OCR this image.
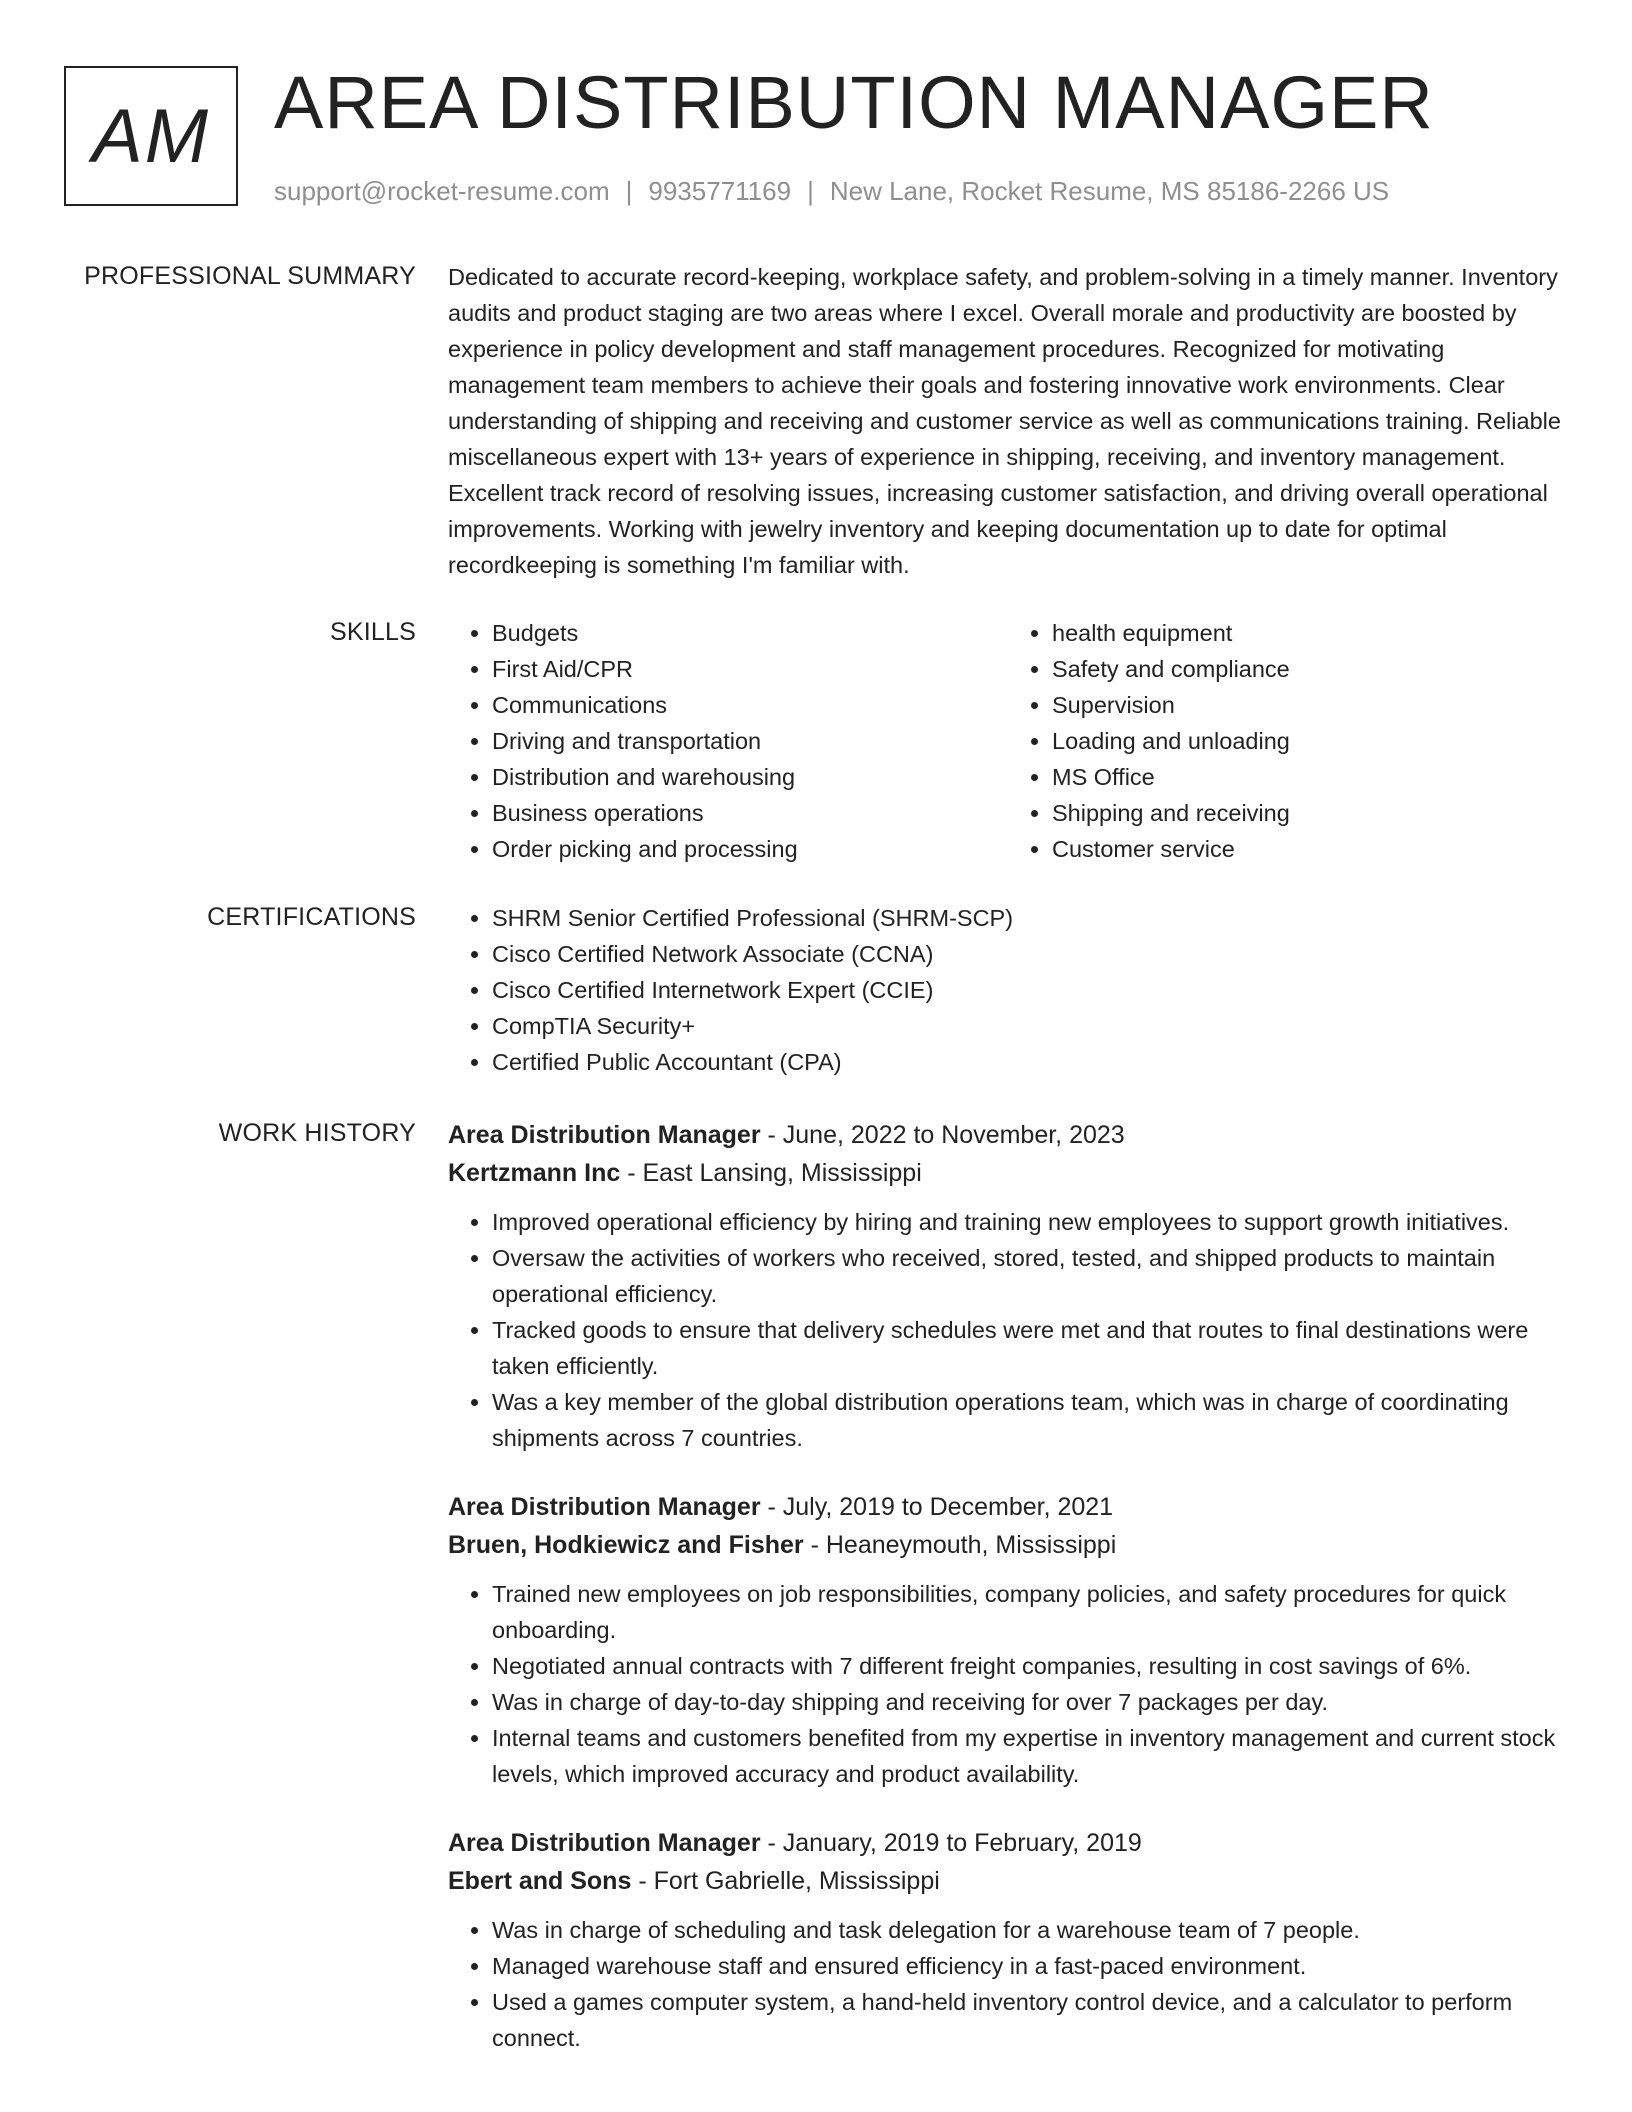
AM AREA DISTRIBUTION MANAGER
support@rocket-resume.com | 9935771169 | New Lane, Rocket Resume, MS 85186-2266 US
PROFESSIONAL SUMMARY Dedicated to accurate record-keeping, workplace safety, and problem-solving in a timely manner. Inventory audits and product staging are two areas where I excel. Overall morale and productivity are boosted by experience in policy development and staff management procedures. Recognized for motivating management team members to achieve their goals and fostering innovative work environments. Clear understanding of shipping and receiving and customer service as well as communications training. Reliable miscellaneous expert with 13+ years of experience in shipping, receiving, and inventory management. Excellent track record of resolving issues, increasing customer satisfaction, and driving overall operational improvements. Working with jewelry inventory and keeping documentation up to date for optimal recordkeeping is something I'm familiar with.
SKILLS	• Budgets
• First Aid/CPR
• Communications
• Driving and transportation
• Distribution and warehousing
• Business operations
• Order picking and processing
• health equipment
• Safety and compliance
• Supervision
• Loading and unloading
• MS Office
• Shipping and receiving
• Customer service
CERTIFICATIONS	• SHRM Senior Certified Professional (SHRM-SCP)
• Cisco Certified Network Associate (CCNA)
• Cisco Certified Internetwork Expert (CCIE)
• CompTIA Security+
• Certified Public Accountant (CPA)
WORK HISTORY Area Distribution Manager - June, 2022 to November, 2023
Kertzmann Inc - East Lansing, Mississippi
• Improved operational efficiency by hiring and training new employees to support growth initiatives.
• Oversaw the activities of workers who received, stored, tested, and shipped products to maintain operational efficiency.
• Tracked goods to ensure that delivery schedules were met and that routes to final destinations were taken efficiently.
• Was a key member of the global distribution operations team, which was in charge of coordinating shipments across 7 countries.
Area Distribution Manager - July, 2019 to December, 2021
Bruen, Hodkiewicz and Fisher - Heaneymouth, Mississippi
• Trained new employees on job responsibilities, company policies, and safety procedures for quick onboarding.
• Negotiated annual contracts with 7 different freight companies, resulting in cost savings of 6%.
• Was in charge of day-to-day shipping and receiving for over 7 packages per day.
• Internal teams and customers benefited from my expertise in inventory management and current stock levels, which improved accuracy and product availability.
Area Distribution Manager - January, 2019 to February, 2019
Ebert and Sons - Fort Gabrielle, Mississippi
• Was in charge of scheduling and task delegation for a warehouse team of 7 people.
• Managed warehouse staff and ensured efficiency in a fast-paced environment.
• Used a games computer system, a hand-held inventory control device, and a calculator to perform connect.
